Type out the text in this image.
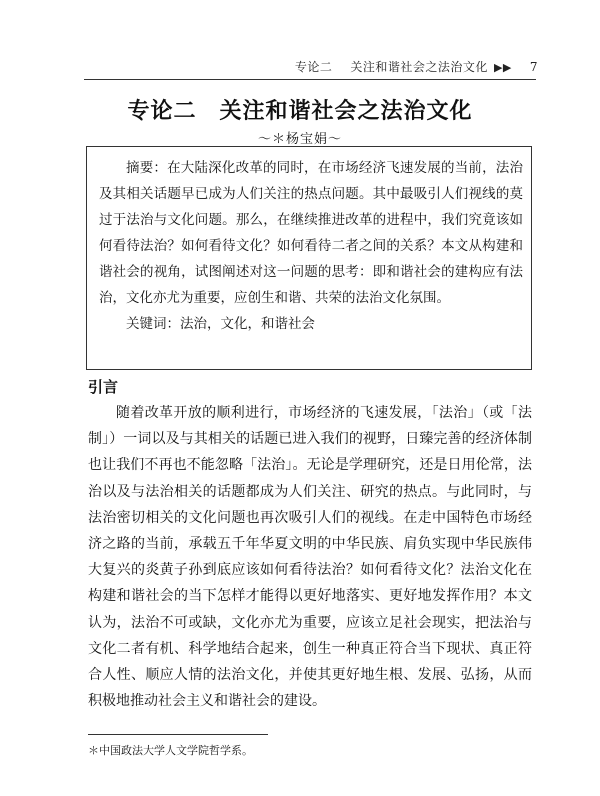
专论二 关注和谐社会之法治文化 ▶▶ 7
专论二　关注和谐社会之法治文化
～＊杨宝娟～

摘要：在大陆深化改革的同时，在市场经济飞速发展的当前，法治及其相关话题早已成为人们关注的热点问题。其中最吸引人们视线的莫过于法治与文化问题。那么，在继续推进改革的进程中，我们究竟该如何看待法治？如何看待文化？如何看待二者之间的关系？本文从构建和谐社会的视角，试图阐述对这一问题的思考：即和谐社会的建构应有法治，文化亦尤为重要，应创生和谐、共荣的法治文化氛围。

关键词：法治，文化，和谐社会

引言

随着改革开放的顺利进行，市场经济的飞速发展，「法治」（或「法制」）一词以及与其相关的话题已进入我们的视野，日臻完善的经济体制也让我们不再也不能忽略「法治」。无论是学理研究，还是日用伦常，法治以及与法治相关的话题都成为人们关注、研究的热点。与此同时，与法治密切相关的文化问题也再次吸引人们的视线。在走中国特色市场经济之路的当前，承载五千年华夏文明的中华民族、肩负实现中华民族伟大复兴的炎黄子孙到底应该如何看待法治？如何看待文化？法治文化在构建和谐社会的当下怎样才能得以更好地落实、更好地发挥作用？本文认为，法治不可或缺，文化亦尤为重要，应该立足社会现实，把法治与文化二者有机、科学地结合起来，创生一种真正符合当下现状、真正符合人性、顺应人情的法治文化，并使其更好地生根、发展、弘扬，从而积极地推动社会主义和谐社会的建设。

＊中国政法大学人文学院哲学系。
